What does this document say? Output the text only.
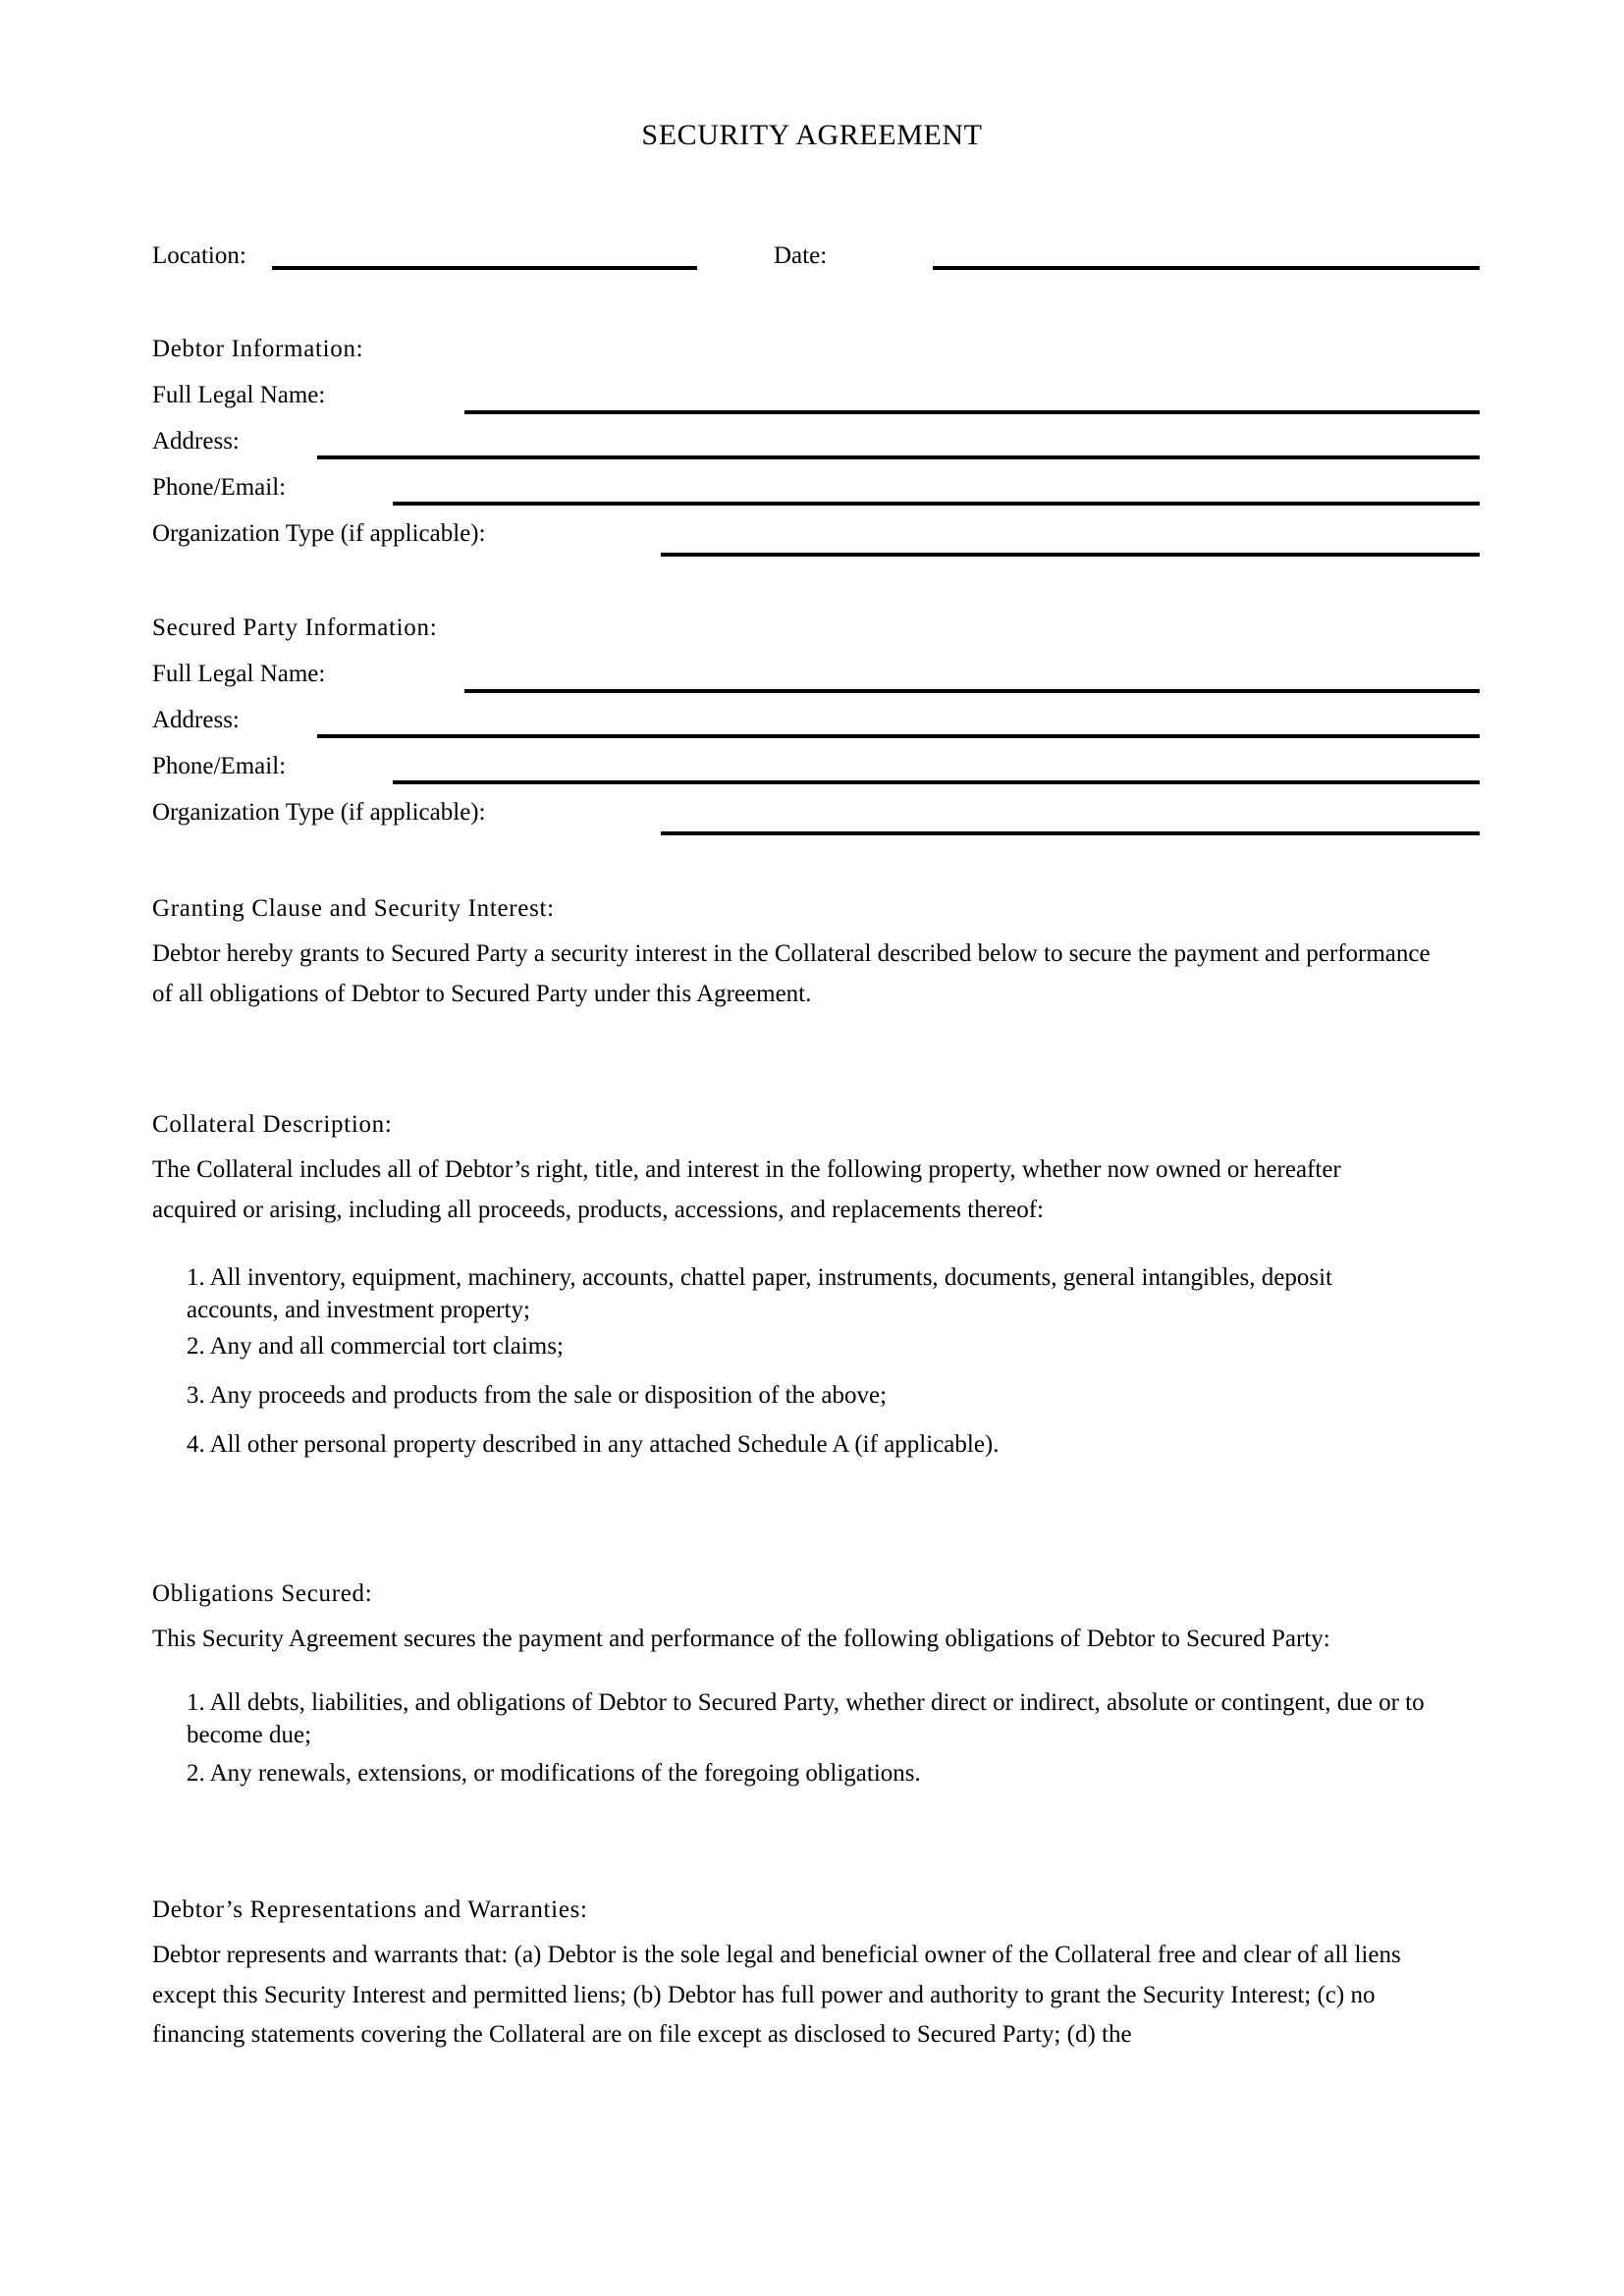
SECURITY AGREEMENT
Location:	Date:
Debtor Information:
Full Legal Name:
Address:
Phone/Email:
Organization Type (if applicable):
Secured Party Information:
Full Legal Name:
Address:
Phone/Email:
Organization Type (if applicable):
Granting Clause and Security Interest:

Debtor hereby grants to Secured Party a security interest in the Collateral described below to secure the payment and performance of all obligations of Debtor to Secured Party under this Agreement.

Collateral Description:

The Collateral includes all of Debtor’s right, title, and interest in the following property, whether now owned or hereafter acquired or arising, including all proceeds, products, accessions, and replacements thereof:

1. All inventory, equipment, machinery, accounts, chattel paper, instruments, documents, general intangibles, deposit accounts, and investment property;
2. Any and all commercial tort claims;
3. Any proceeds and products from the sale or disposition of the above;
4. All other personal property described in any attached Schedule A (if applicable).
Obligations Secured:

This Security Agreement secures the payment and performance of the following obligations of Debtor to Secured Party:

1. All debts, liabilities, and obligations of Debtor to Secured Party, whether direct or indirect, absolute or contingent, due or to become due;
2. Any renewals, extensions, or modifications of the foregoing obligations.
Debtor’s Representations and Warranties:

Debtor represents and warrants that: (a) Debtor is the sole legal and beneficial owner of the Collateral free and clear of all liens except this Security Interest and permitted liens; (b) Debtor has full power and authority to grant the Security Interest; (c) no financing statements covering the Collateral are on file except as disclosed to Secured Party; (d) the
